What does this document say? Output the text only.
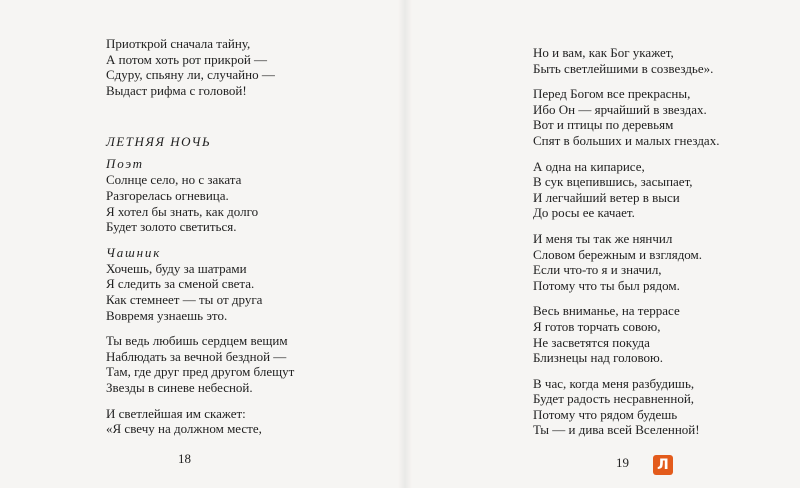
Приоткрой сначала тайну,
А потом хоть рот прикрой —
Сдуру, спьяну ли, случайно —
Выдаст рифма с головой!
ЛЕТНЯЯ НОЧЬ
Поэт
Солнце село, но с заката
Разгорелась огневица.
Я хотел бы знать, как долго
Будет золото светиться.
Чашник
Хочешь, буду за шатрами
Я следить за сменой света.
Как стемнеет — ты от друга
Вовремя узнаешь это.
Ты ведь любишь сердцем вещим
Наблюдать за вечной бездной —
Там, где друг пред другом блещут
Звезды в синеве небесной.
И светлейшая им скажет:
«Я свечу на должном месте,
18
Но и вам, как Бог укажет,
Быть светлейшими в созвездье».
Перед Богом все прекрасны,
Ибо Он — ярчайший в звездах.
Вот и птицы по деревьям
Спят в больших и малых гнездах.
А одна на кипарисе,
В сук вцепившись, засыпает,
И легчайший ветер в выси
До росы ее качает.
И меня ты так же нянчил
Словом бережным и взглядом.
Если что-то я и значил,
Потому что ты был рядом.
Весь вниманье, на террасе
Я готов торчать совою,
Не засветятся покуда
Близнецы над головою.
В час, когда меня разбудишь,
Будет радость несравненной,
Потому что рядом будешь
Ты — и дива всей Вселенной!
19 Л
